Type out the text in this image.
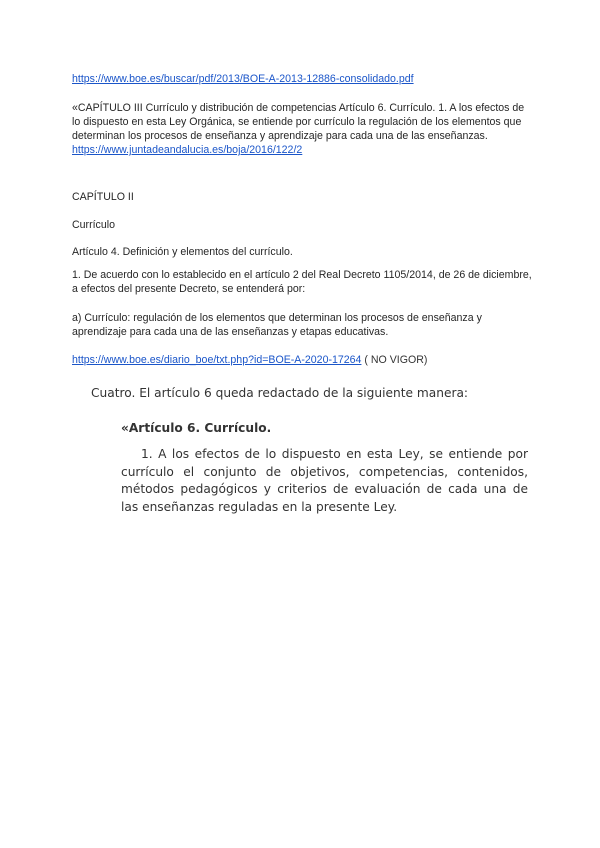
https://www.boe.es/buscar/pdf/2013/BOE-A-2013-12886-consolidado.pdf
«CAPÍTULO III Currículo y distribución de competencias Artículo 6. Currículo. 1. A los efectos de lo dispuesto en esta Ley Orgánica, se entiende por currículo la regulación de los elementos que determinan los procesos de enseñanza y aprendizaje para cada una de las enseñanzas.
https://www.juntadeandalucia.es/boja/2016/122/2
CAPÍTULO II
Currículo
Artículo 4. Definición y elementos del currículo.
1. De acuerdo con lo establecido en el artículo 2 del Real Decreto 1105/2014, de 26 de diciembre, a efectos del presente Decreto, se entenderá por:
a) Currículo: regulación de los elementos que determinan los procesos de enseñanza y aprendizaje para cada una de las enseñanzas y etapas educativas.
https://www.boe.es/diario_boe/txt.php?id=BOE-A-2020-17264 ( NO VIGOR)
Cuatro. El artículo 6 queda redactado de la siguiente manera:
«Artículo 6. Currículo.
1. A los efectos de lo dispuesto en esta Ley, se entiende por currículo el conjunto de objetivos, competencias, contenidos, métodos pedagógicos y criterios de evaluación de cada una de las enseñanzas reguladas en la presente Ley.
